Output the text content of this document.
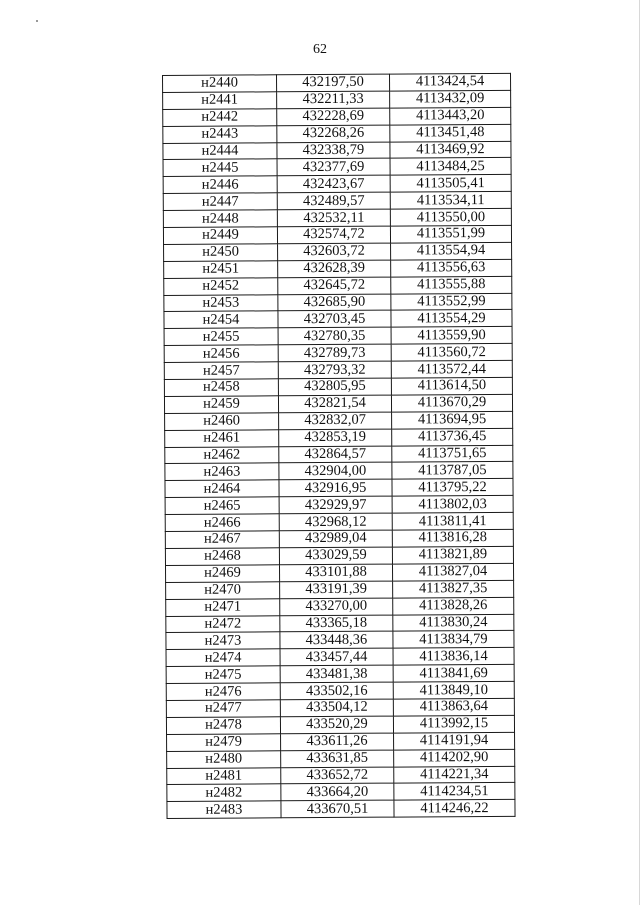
62
н2440	432197,50	4113424,54
н2441	432211,33	4113432,09
н2442	432228,69	4113443,20
н2443	432268,26	4113451,48
н2444	432338,79	4113469,92
н2445	432377,69	4113484,25
н2446	432423,67	4113505,41
н2447	432489,57	4113534,11
н2448	432532,11	4113550,00
н2449	432574,72	4113551,99
н2450	432603,72	4113554,94
н2451	432628,39	4113556,63
н2452	432645,72	4113555,88
н2453	432685,90	4113552,99
н2454	432703,45	4113554,29
н2455	432780,35	4113559,90
н2456	432789,73	4113560,72
н2457	432793,32	4113572,44
н2458	432805,95	4113614,50
н2459	432821,54	4113670,29
н2460	432832,07	4113694,95
н2461	432853,19	4113736,45
н2462	432864,57	4113751,65
н2463	432904,00	4113787,05
н2464	432916,95	4113795,22
н2465	432929,97	4113802,03
н2466	432968,12	4113811,41
н2467	432989,04	4113816,28
н2468	433029,59	4113821,89
н2469	433101,88	4113827,04
н2470	433191,39	4113827,35
н2471	433270,00	4113828,26
н2472	433365,18	4113830,24
н2473	433448,36	4113834,79
н2474	433457,44	4113836,14
н2475	433481,38	4113841,69
н2476	433502,16	4113849,10
н2477	433504,12	4113863,64
н2478	433520,29	4113992,15
н2479	433611,26	4114191,94
н2480	433631,85	4114202,90
н2481	433652,72	4114221,34
н2482	433664,20	4114234,51
н2483	433670,51	4114246,22
